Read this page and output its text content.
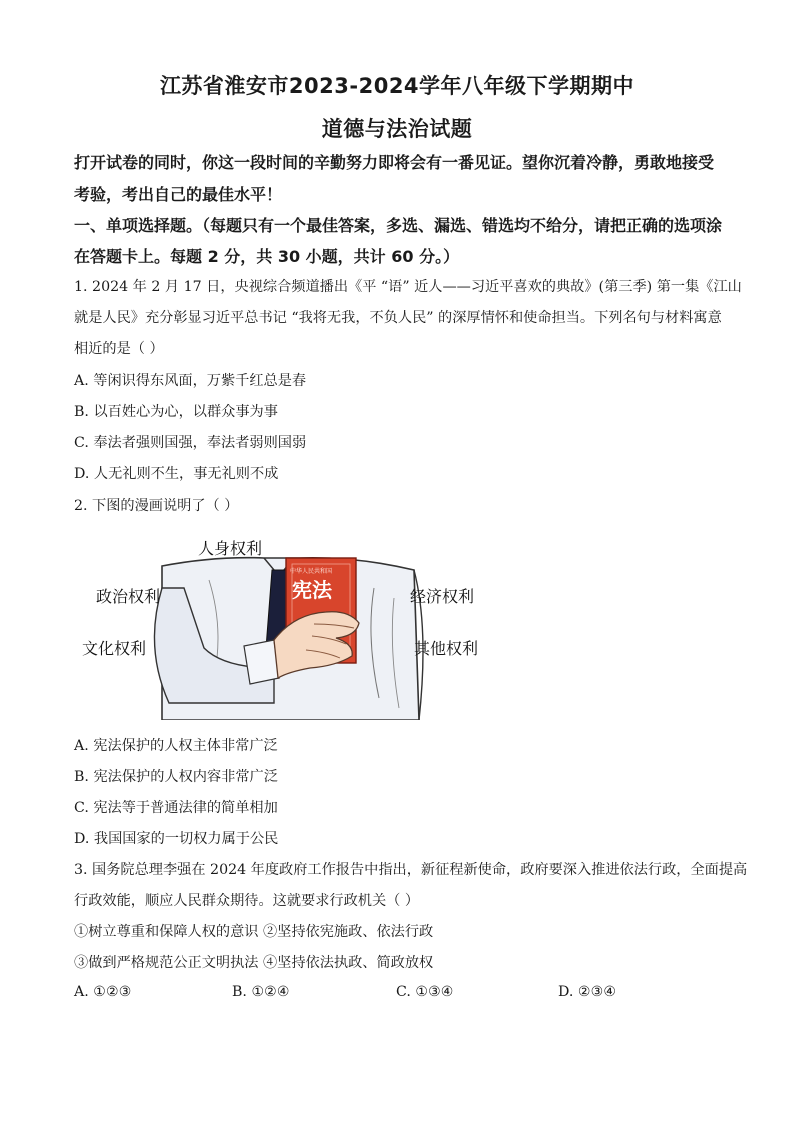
江苏省淮安市2023-2024学年八年级下学期期中
道德与法治试题
打开试卷的同时，你这一段时间的辛勤努力即将会有一番见证。望你沉着冷静，勇敢地接受
考验，考出自己的最佳水平！
一、单项选择题。（每题只有一个最佳答案，多选、漏选、错选均不给分，请把正确的选项涂
在答题卡上。每题 2 分，共 30 小题，共计 60 分。）
1. 2024 年 2 月 17 日，央视综合频道播出《平 “语” 近人——习近平喜欢的典故》(第三季) 第一集《江山
就是人民》充分彰显习近平总书记 “我将无我，不负人民” 的深厚情怀和使命担当。下列名句与材料寓意
相近的是（ ）
A. 等闲识得东风面，万紫千红总是春
B. 以百姓心为心，以群众事为事
C. 奉法者强则国强，奉法者弱则国弱
D. 人无礼则不生，事无礼则不成
2. 下图的漫画说明了（ ）
中华人民共和国
宪法
人身权利
政治权利
文化权利
经济权利
其他权利
A. 宪法保护的人权主体非常广泛
B. 宪法保护的人权内容非常广泛
C. 宪法等于普通法律的简单相加
D. 我国国家的一切权力属于公民
3. 国务院总理李强在 2024 年度政府工作报告中指出，新征程新使命，政府要深入推进依法行政，全面提高
行政效能，顺应人民群众期待。这就要求行政机关（ ）
①树立尊重和保障人权的意识 ②坚持依宪施政、依法行政
③做到严格规范公正文明执法 ④坚持依法执政、简政放权
A. ①②③	B. ①②④	C. ①③④	D. ②③④
